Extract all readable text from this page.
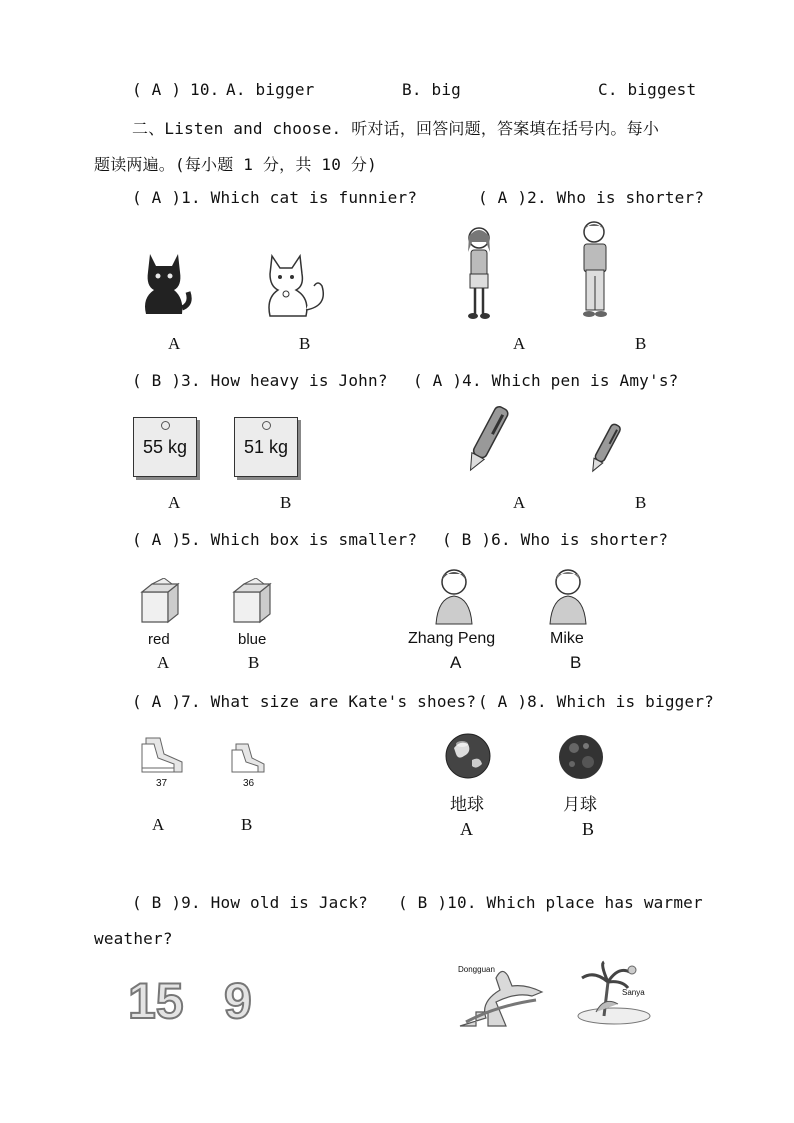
( A ) 10. A. bigger	B. big	C. biggest
二、Listen and choose. 听对话，回答问题，答案填在括号内。每小
题读两遍。(每小题 1 分，共 10 分)
( A )1. Which cat is funnier?	( A )2. Who is shorter?
A	B	A	B
( B )3. How heavy is John? ( A )4. Which pen is Amy's?
55 kg	51 kg
A	B	A	B
( A )5. Which box is smaller? ( B )6. Who is shorter?
red	blue
A	B
Zhang Peng	Mike
A	B
( A )7. What size are Kate's shoes? ( A )8. Which is bigger?
37	36
A	B
地球	月球
A	B
( B )9. How old is Jack? ( B )10. Which place has warmer
weather?
15 9
Dongguan
Sanya
